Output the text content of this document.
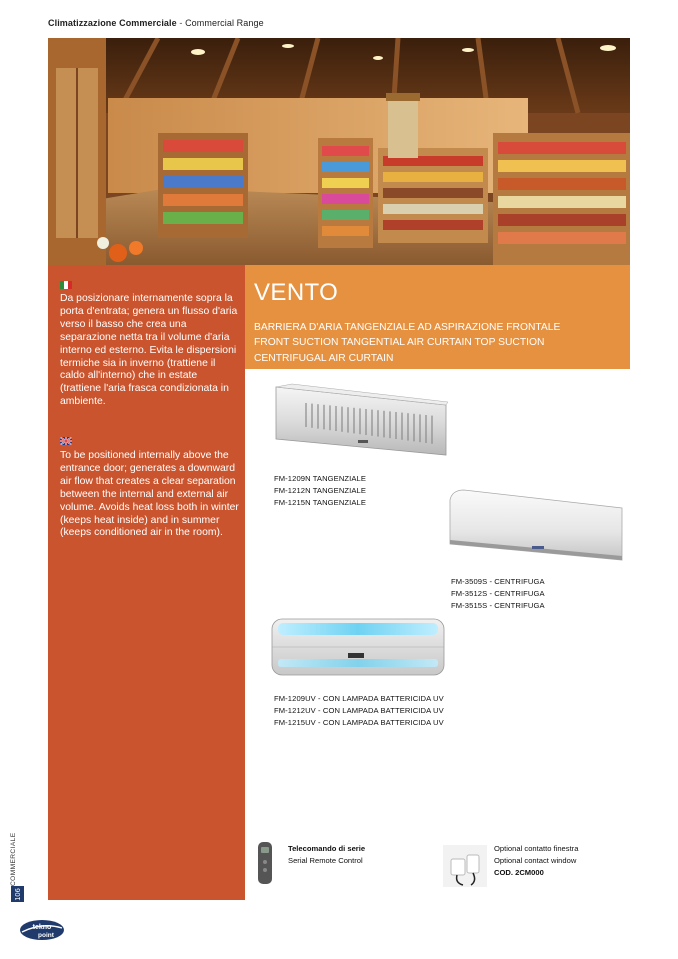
Climatizzazione Commerciale - Commercial Range
Da posizionare internamente sopra la porta d'entrata; genera un flusso d'aria verso il basso che crea una separazione netta tra il volume d'aria interno ed esterno. Evita le dispersioni termiche sia in inverno (trattiene il caldo all'interno) che in estate (trattiene l'aria frasca condizionata in ambiente.
To be positioned internally above the entrance door; generates a downward air flow that creates a clear separation between the internal and external air volume. Avoids heat loss both in winter (keeps heat inside) and in summer (keeps conditioned air in the room).
VENTO
BARRIERA D'ARIA TANGENZIALE AD ASPIRAZIONE FRONTALE
FRONT SUCTION TANGENTIAL AIR CURTAIN TOP SUCTION
CENTRIFUGAL AIR CURTAIN
FM-1209N TANGENZIALE
FM-1212N TANGENZIALE
FM-1215N TANGENZIALE
FM-3509S - CENTRIFUGA
FM-3512S - CENTRIFUGA
FM-3515S - CENTRIFUGA
FM-1209UV - CON LAMPADA BATTERICIDA UV
FM-1212UV - CON LAMPADA BATTERICIDA UV
FM-1215UV - CON LAMPADA BATTERICIDA UV
Telecomando di serie
Serial Remote Control
Optional contatto finestra
Optional contact window
COD. 2CM000
COMMERCIALE
106
tekno
point
